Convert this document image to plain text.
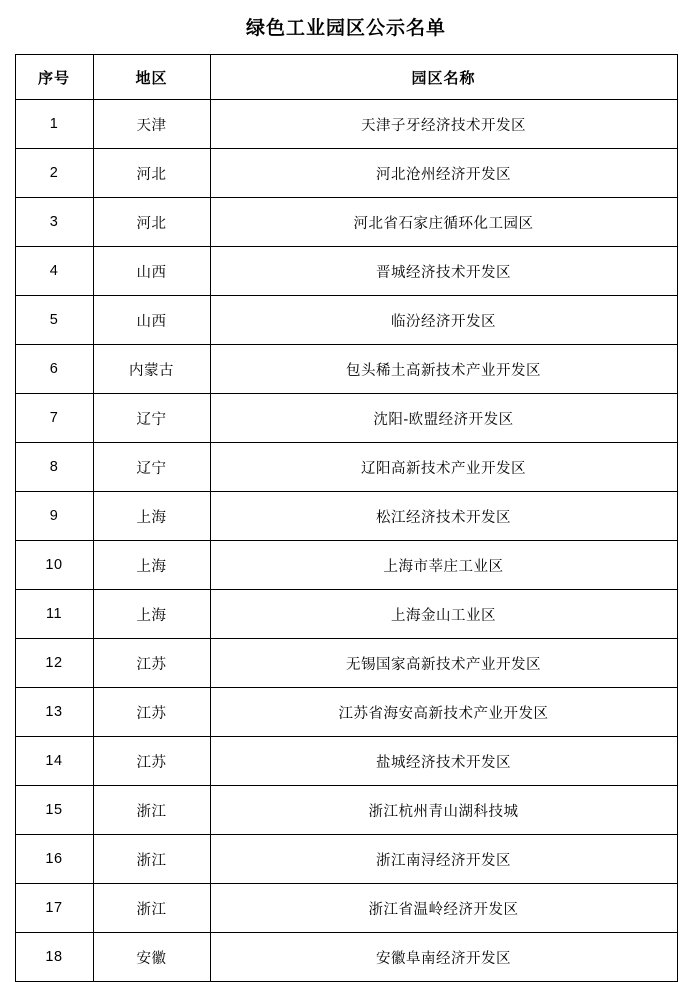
绿色工业园区公示名单
序号	地区	园区名称
1	天津	天津子牙经济技术开发区
2	河北	河北沧州经济开发区
3	河北	河北省石家庄循环化工园区
4	山西	晋城经济技术开发区
5	山西	临汾经济开发区
6	内蒙古	包头稀土高新技术产业开发区
7	辽宁	沈阳-欧盟经济开发区
8	辽宁	辽阳高新技术产业开发区
9	上海	松江经济技术开发区
10	上海	上海市莘庄工业区
11	上海	上海金山工业区
12	江苏	无锡国家高新技术产业开发区
13	江苏	江苏省海安高新技术产业开发区
14	江苏	盐城经济技术开发区
15	浙江	浙江杭州青山湖科技城
16	浙江	浙江南浔经济开发区
17	浙江	浙江省温岭经济开发区
18	安徽	安徽阜南经济开发区
